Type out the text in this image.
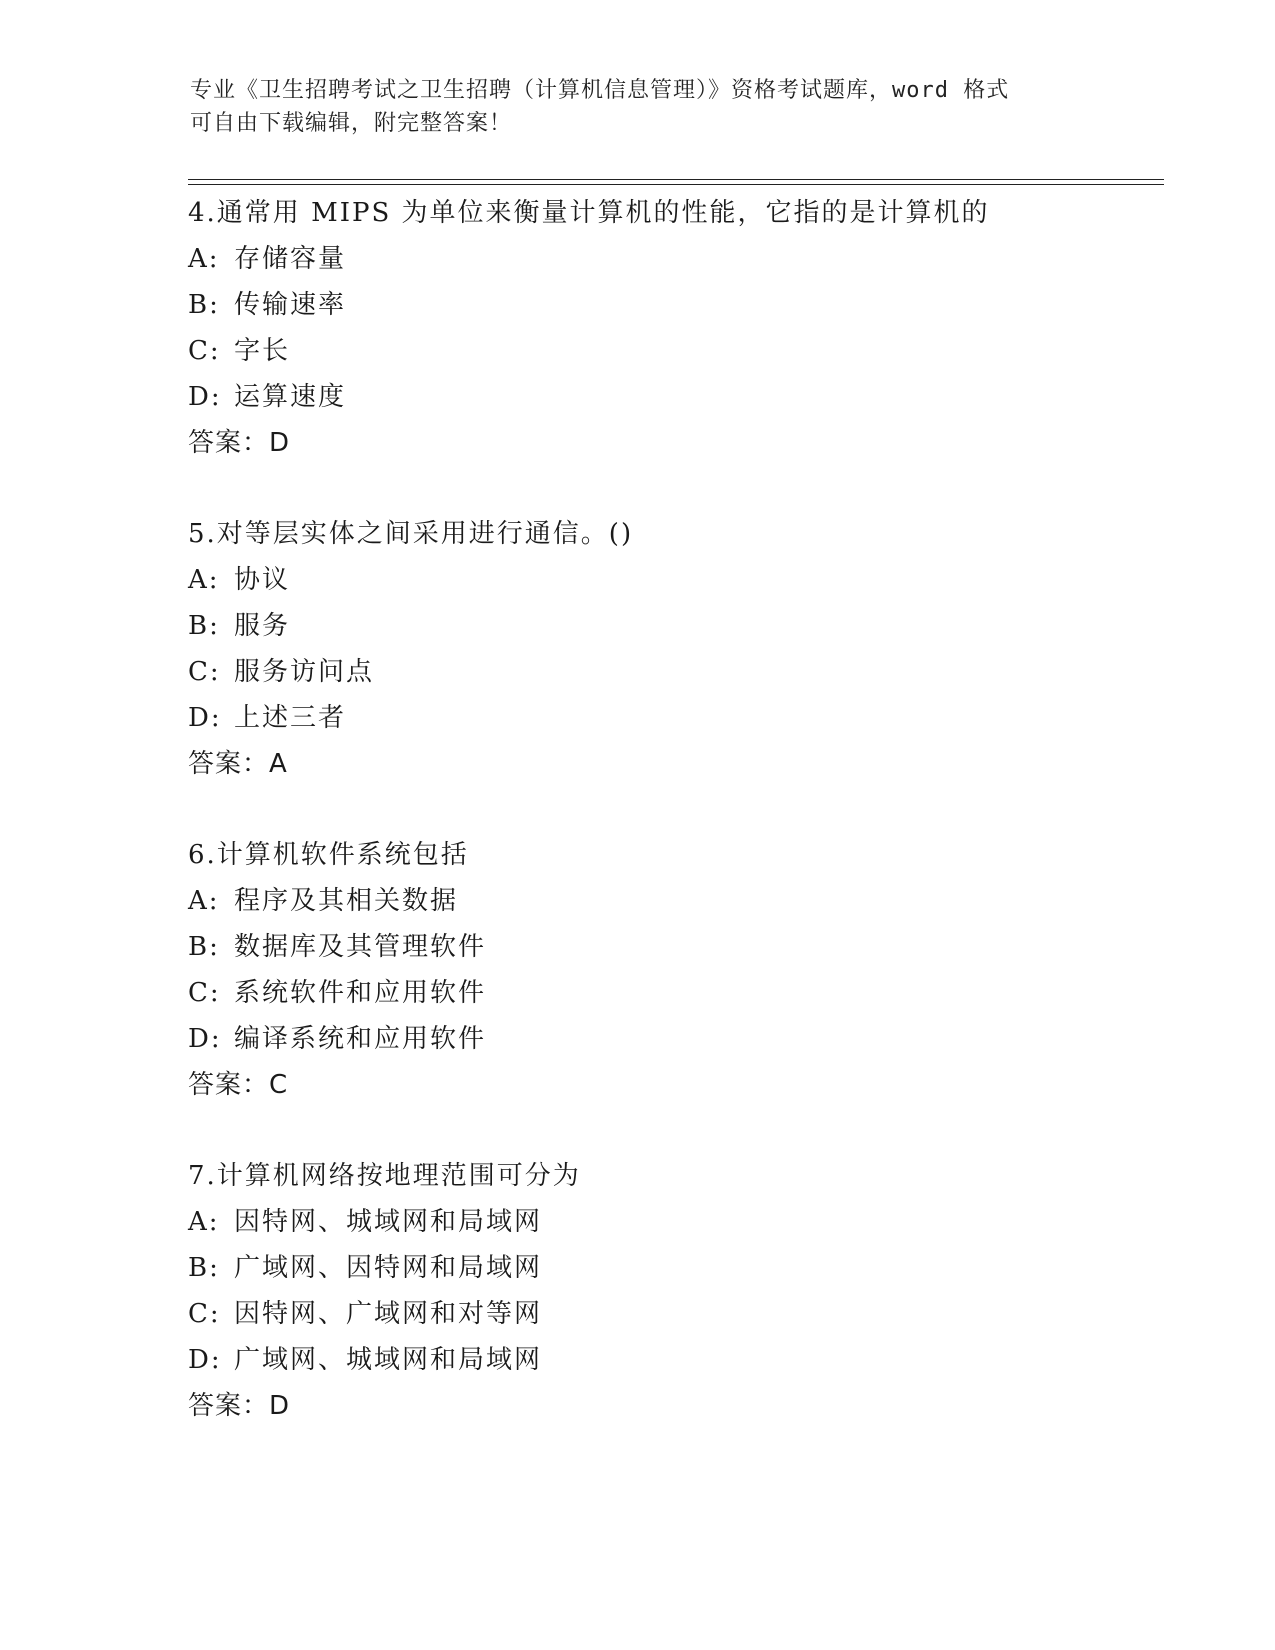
专业《卫生招聘考试之卫生招聘（计算机信息管理）》资格考试题库，word 格式
可自由下载编辑，附完整答案！
4.通常用 MIPS 为单位来衡量计算机的性能，它指的是计算机的
A: 存储容量
B: 传输速率
C: 字长
D: 运算速度
答案：D
5.对等层实体之间采用进行通信。()
A: 协议
B: 服务
C: 服务访问点
D: 上述三者
答案：A
6.计算机软件系统包括
A: 程序及其相关数据
B: 数据库及其管理软件
C: 系统软件和应用软件
D: 编译系统和应用软件
答案：C
7.计算机网络按地理范围可分为
A: 因特网、城域网和局域网
B: 广域网、因特网和局域网
C: 因特网、广域网和对等网
D: 广域网、城域网和局域网
答案：D
